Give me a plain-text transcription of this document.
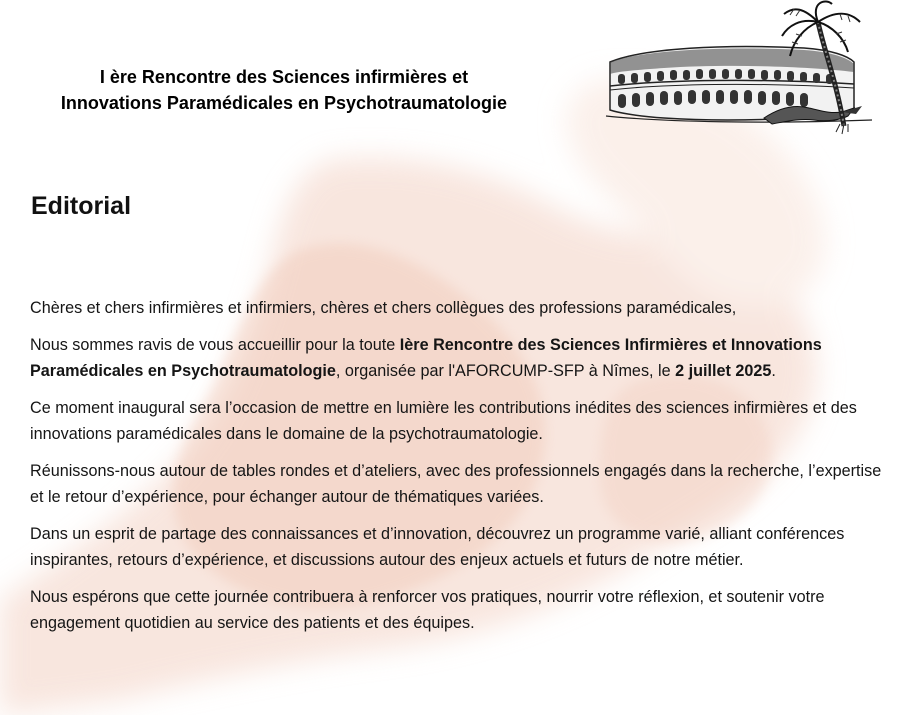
I ère Rencontre des Sciences infirmières et
Innovations Paramédicales en Psychotraumatologie
Editorial

Chères et chers infirmières et infirmiers, chères et chers collègues des professions paramédicales,

Nous sommes ravis de vous accueillir pour la toute Ière Rencontre des Sciences Infirmières et Innovations Paramédicales en Psychotraumatologie, organisée par l'AFORCUMP-SFP à Nîmes, le 2 juillet 2025.

Ce moment inaugural sera l’occasion de mettre en lumière les contributions inédites des sciences infirmières et des innovations paramédicales dans le domaine de la psychotraumatologie.

Réunissons-nous autour de tables rondes et d’ateliers, avec des professionnels engagés dans la recherche, l’expertise et le retour d’expérience, pour échanger autour de thématiques variées.

Dans un esprit de partage des connaissances et d’innovation, découvrez un programme varié, alliant conférences inspirantes, retours d’expérience, et discussions autour des enjeux actuels et futurs de notre métier.

Nous espérons que cette journée contribuera à renforcer vos pratiques, nourrir votre réflexion, et soutenir votre engagement quotidien au service des patients et des équipes.
